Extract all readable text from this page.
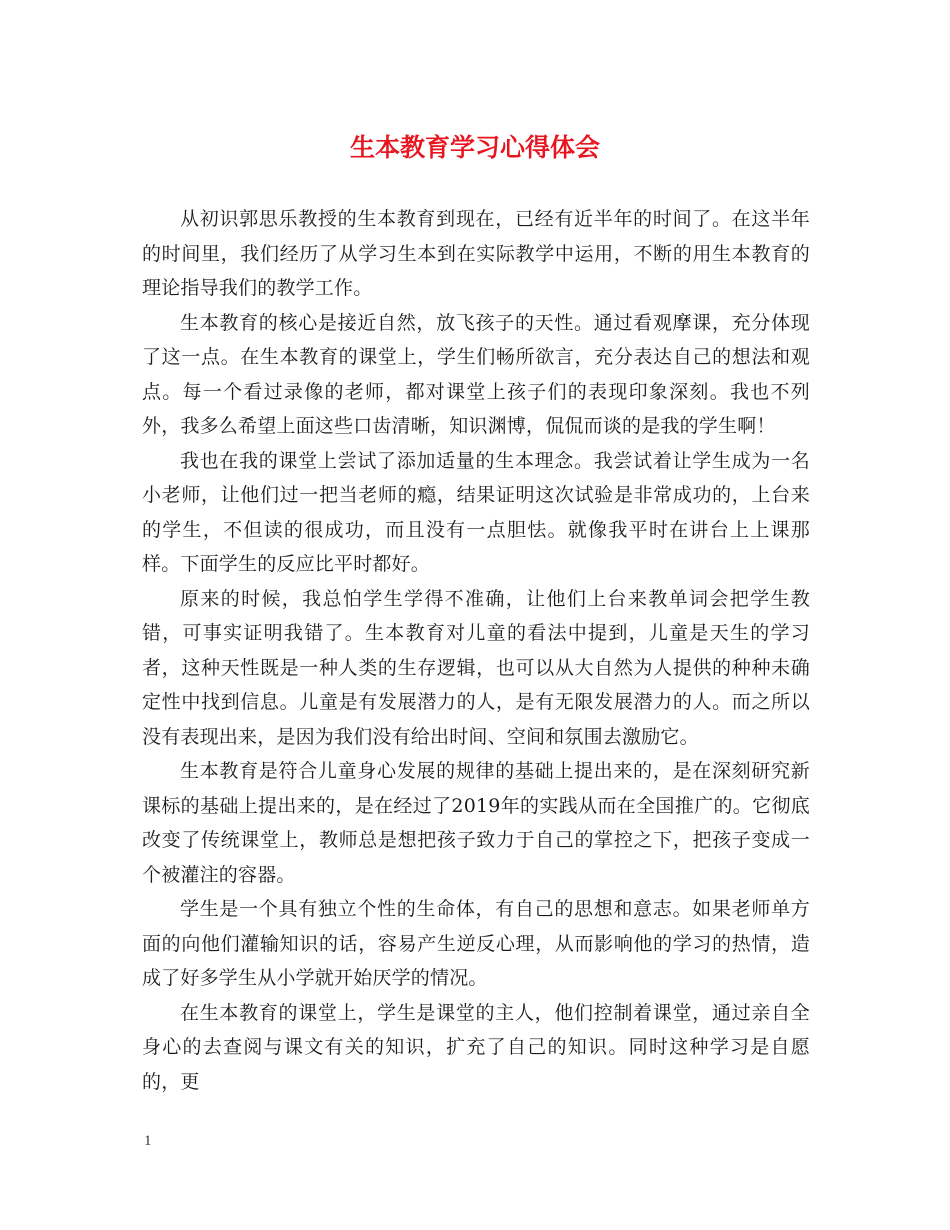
生本教育学习心得体会

从初识郭思乐教授的生本教育到现在，已经有近半年的时间了。在这半年的时间里，我们经历了从学习生本到在实际教学中运用，不断的用生本教育的理论指导我们的教学工作。

生本教育的核心是接近自然，放飞孩子的天性。通过看观摩课，充分体现了这一点。在生本教育的课堂上，学生们畅所欲言，充分表达自己的想法和观点。每一个看过录像的老师，都对课堂上孩子们的表现印象深刻。我也不列外，我多么希望上面这些口齿清晰，知识渊博，侃侃而谈的是我的学生啊！

我也在我的课堂上尝试了添加适量的生本理念。我尝试着让学生成为一名小老师，让他们过一把当老师的瘾，结果证明这次试验是非常成功的，上台来的学生，不但读的很成功，而且没有一点胆怯。就像我平时在讲台上上课那样。下面学生的反应比平时都好。

原来的时候，我总怕学生学得不准确，让他们上台来教单词会把学生教错，可事实证明我错了。生本教育对儿童的看法中提到，儿童是天生的学习者，这种天性既是一种人类的生存逻辑，也可以从大自然为人提供的种种未确定性中找到信息。儿童是有发展潜力的人，是有无限发展潜力的人。而之所以没有表现出来，是因为我们没有给出时间、空间和氛围去激励它。

生本教育是符合儿童身心发展的规律的基础上提出来的，是在深刻研究新课标的基础上提出来的，是在经过了2019年的实践从而在全国推广的。它彻底改变了传统课堂上，教师总是想把孩子致力于自己的掌控之下，把孩子变成一个被灌注的容器。

学生是一个具有独立个性的生命体，有自己的思想和意志。如果老师单方面的向他们灌输知识的话，容易产生逆反心理，从而影响他的学习的热情，造成了好多学生从小学就开始厌学的情况。

在生本教育的课堂上，学生是课堂的主人，他们控制着课堂，通过亲自全身心的去查阅与课文有关的知识，扩充了自己的知识。同时这种学习是自愿的，更

1
